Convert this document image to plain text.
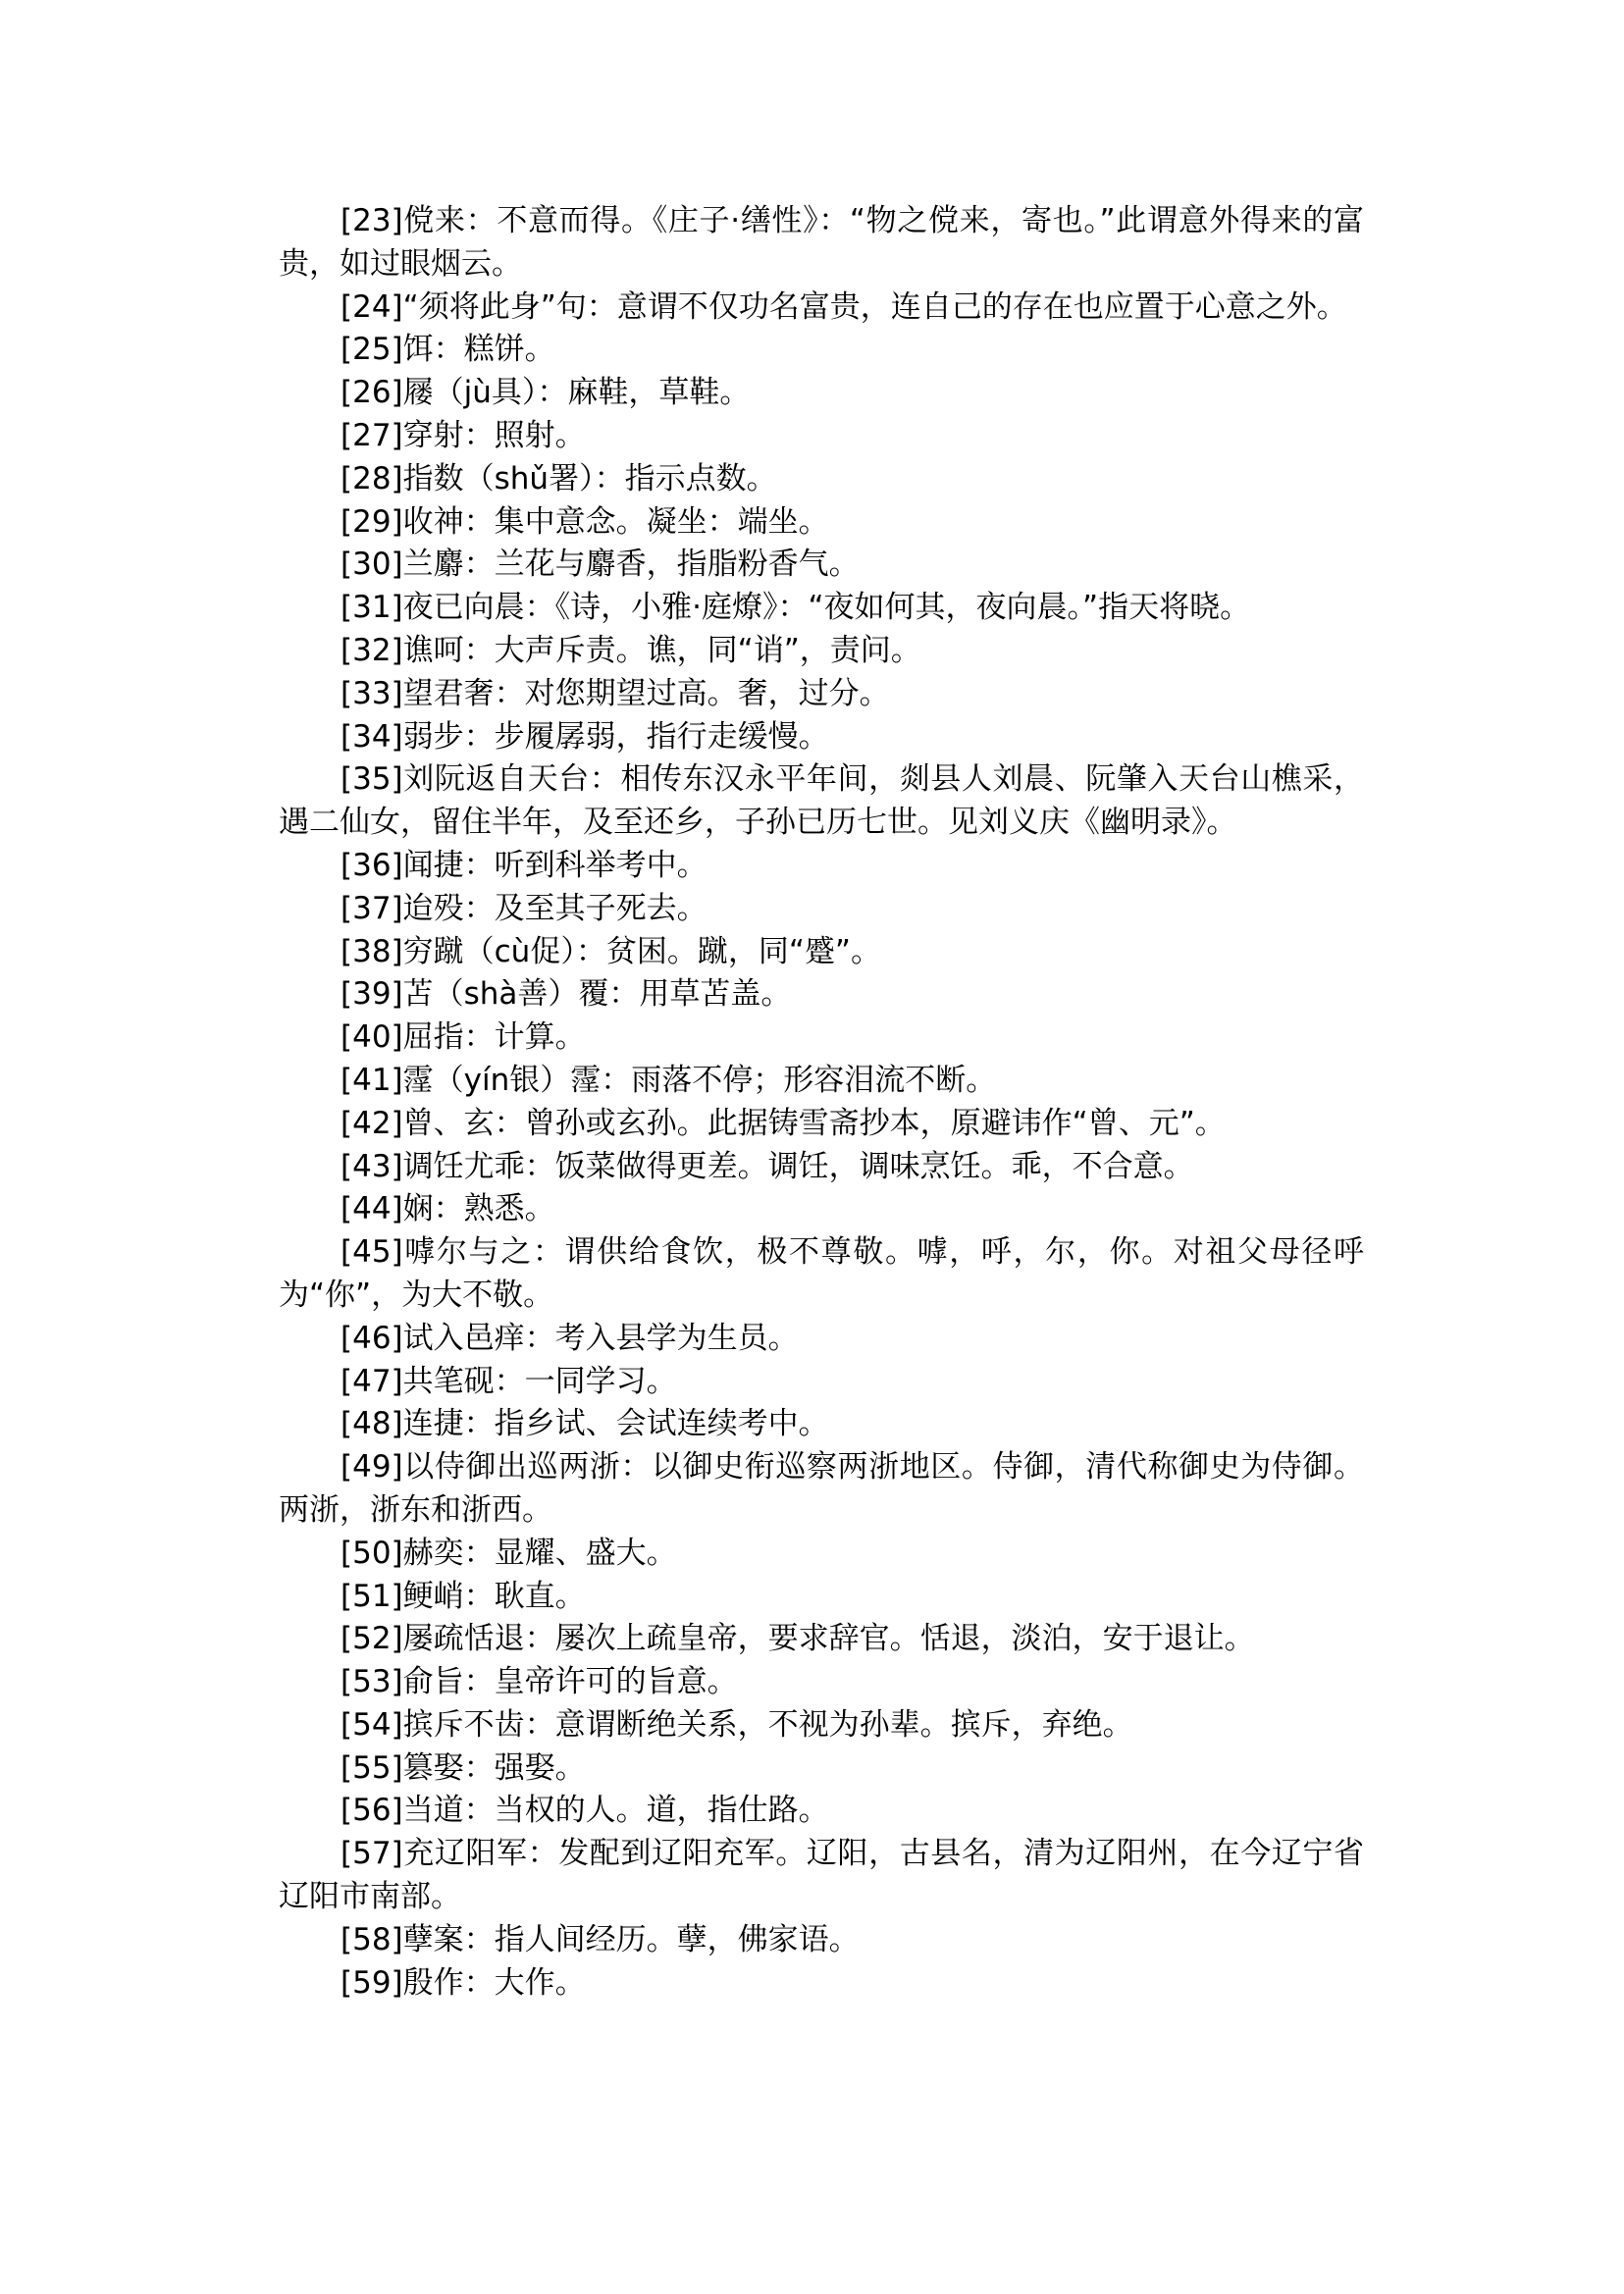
[23]傥来：不意而得。《庄子·缮性》：“物之傥来，寄也。”此谓意外得来的富贵，如过眼烟云。

[24]“须将此身”句：意谓不仅功名富贵，连自己的存在也应置于心意之外。

[25]饵：糕饼。

[26]屦（jù具）：麻鞋，草鞋。

[27]穿射：照射。

[28]指数（shǔ署）：指示点数。

[29]收神：集中意念。凝坐：端坐。

[30]兰麝：兰花与麝香，指脂粉香气。

[31]夜已向晨：《诗，小雅·庭燎》：“夜如何其，夜向晨。”指天将晓。

[32]谯呵：大声斥责。谯，同“诮”，责问。

[33]望君奢：对您期望过高。奢，过分。

[34]弱步：步履孱弱，指行走缓慢。

[35]刘阮返自天台：相传东汉永平年间，剡县人刘晨、阮肇入天台山樵采，遇二仙女，留住半年，及至还乡，子孙已历七世。见刘义庆《幽明录》。

[36]闻捷：听到科举考中。

[37]迨殁：及至其子死去。

[38]穷蹴（cù促）：贫困。蹴，同“蹙”。

[39]苫（shà善）覆：用草苫盖。

[40]屈指：计算。

[41]霪（yín银）霪：雨落不停；形容泪流不断。

[42]曾、玄：曾孙或玄孙。此据铸雪斋抄本，原避讳作“曾、元”。

[43]调饪尤乖：饭菜做得更差。调饪，调味烹饪。乖，不合意。

[44]娴：熟悉。

[45]嘑尔与之：谓供给食饮，极不尊敬。嘑，呼，尔，你。对祖父母径呼为“你”，为大不敬。

[46]试入邑痒：考入县学为生员。

[47]共笔砚：一同学习。

[48]连捷：指乡试、会试连续考中。

[49]以侍御出巡两浙：以御史衔巡察两浙地区。侍御，清代称御史为侍御。两浙，浙东和浙西。

[50]赫奕：显耀、盛大。

[51]鲠峭：耿直。

[52]屡疏恬退：屡次上疏皇帝，要求辞官。恬退，淡泊，安于退让。

[53]俞旨：皇帝许可的旨意。

[54]摈斥不齿：意谓断绝关系，不视为孙辈。摈斥，弃绝。

[55]篡娶：强娶。

[56]当道：当权的人。道，指仕路。

[57]充辽阳军：发配到辽阳充军。辽阳，古县名，清为辽阳州，在今辽宁省辽阳市南部。

[58]孽案：指人间经历。孽，佛家语。

[59]殷作：大作。
